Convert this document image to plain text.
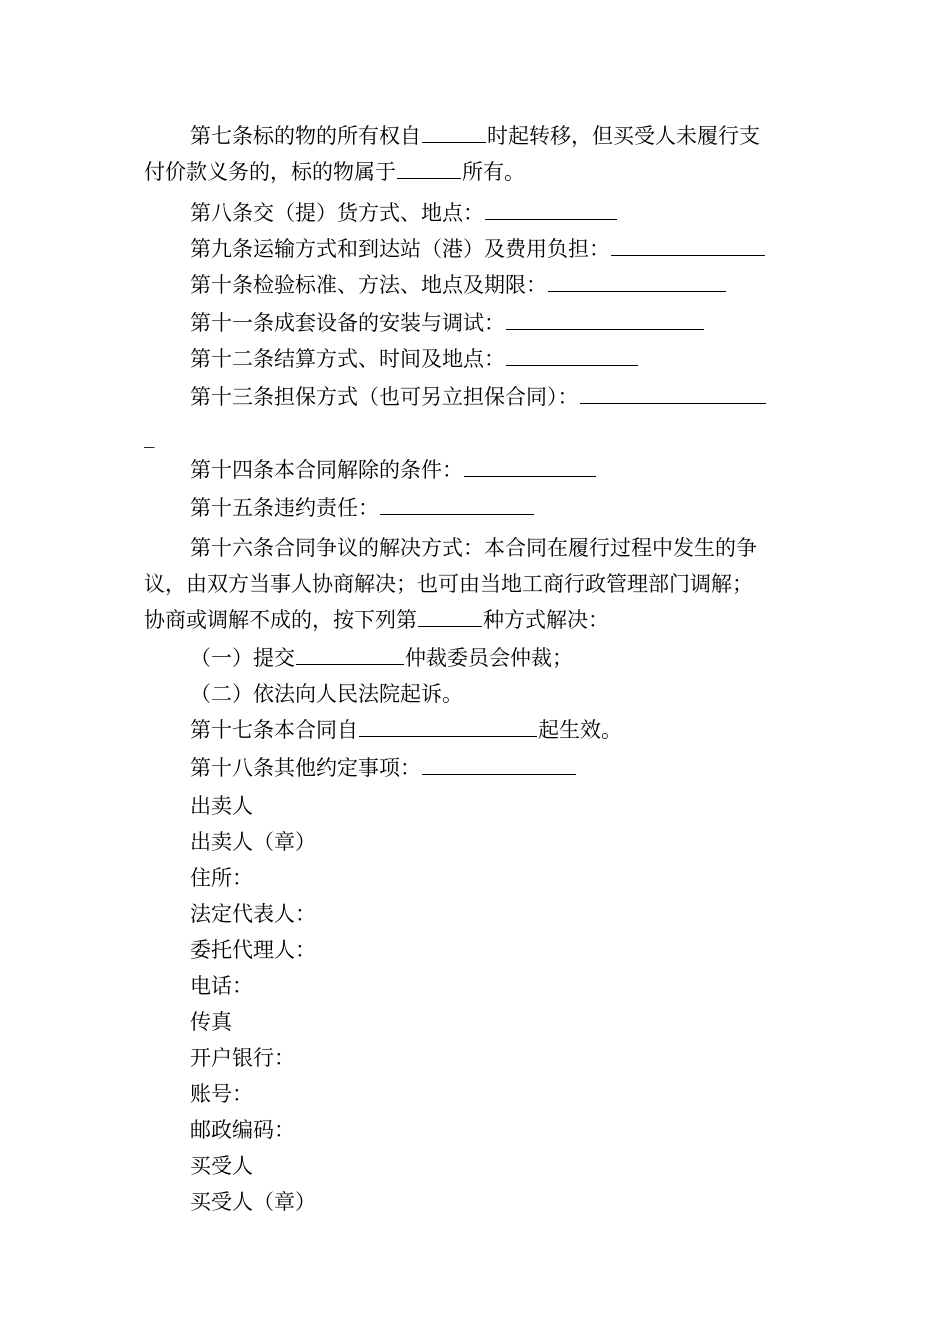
第七条标的物的所有权自	时起转移，但买受人未履行支
付价款义务的，标的物属于	所有。
第八条交（提）货方式、地点：
第九条运输方式和到达站（港）及费用负担：
第十条检验标准、方法、地点及期限：
第十一条成套设备的安装与调试：
第十二条结算方式、时间及地点：
第十三条担保方式（也可另立担保合同）：
_
第十四条本合同解除的条件：
第十五条违约责任：
第十六条合同争议的解决方式：本合同在履行过程中发生的争
议，由双方当事人协商解决；也可由当地工商行政管理部门调解；
协商或调解不成的，按下列第	种方式解决：
（一）提交	仲裁委员会仲裁；
（二）依法向人民法院起诉。
第十七条本合同自	起生效。
第十八条其他约定事项：
出卖人
出卖人（章）
住所：
法定代表人：
委托代理人：
电话：
传真
开户银行：
账号：
邮政编码：
买受人
买受人（章）
